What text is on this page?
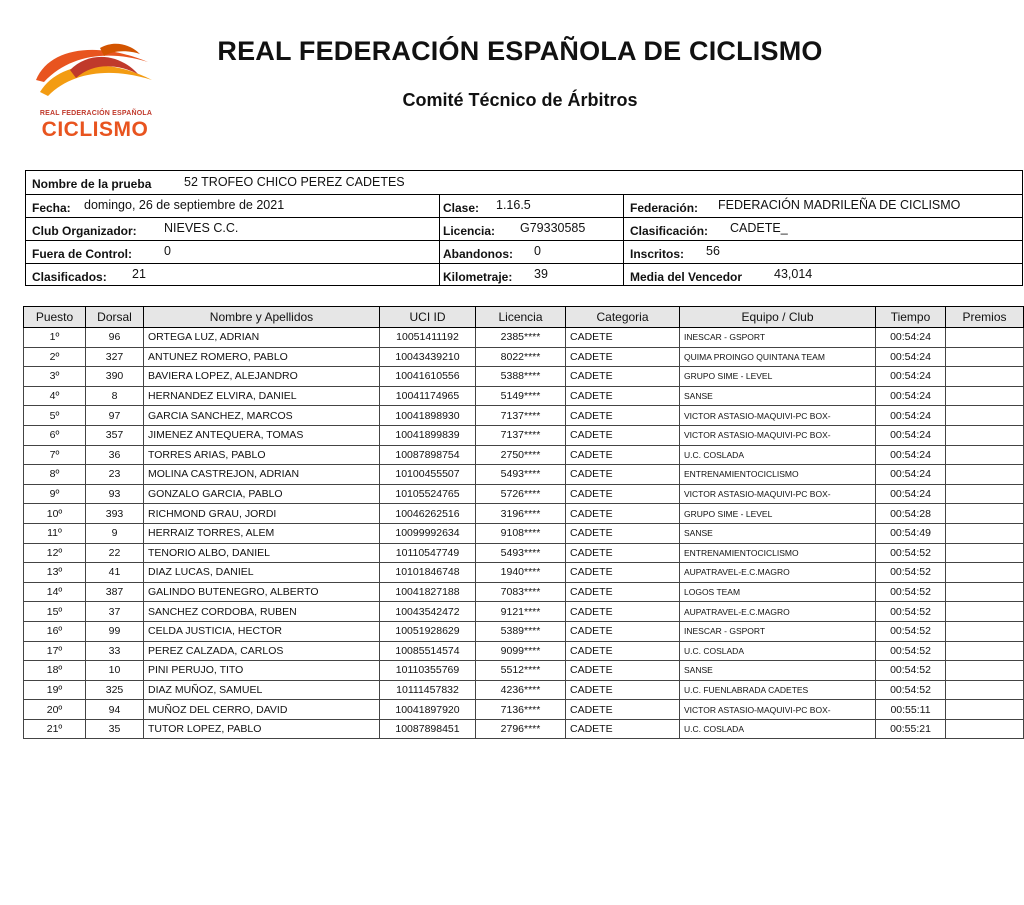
REAL FEDERACIÓN ESPAÑOLA
CICLISMO
REAL FEDERACIÓN ESPAÑOLA DE CICLISMO
Comité Técnico de Árbitros
Nombre de la prueba	52 TROFEO CHICO PEREZ CADETES
Fecha: domingo, 26 de septiembre de 2021	Clase: 1.16.5	Federación: FEDERACIÓN MADRILEÑA DE CICLISMO
Club Organizador: NIEVES C.C.	Licencia: G79330585	Clasificación: CADETE_
Fuera de Control:	0	Abandonos: 0	Inscritos: 56
Clasificados: 21	Kilometraje: 39	Media del Vencedor	43,014
Puesto	Dorsal	Nombre y Apellidos	UCI ID	Licencia	Categoria	Equipo / Club	Tiempo	Premios
1º	96	ORTEGA LUZ, ADRIAN	10051411192	2385****	CADETE	INESCAR - GSPORT	00:54:24	
2º	327	ANTUNEZ ROMERO, PABLO	10043439210	8022****	CADETE	QUIMA PROINGO QUINTANA TEAM	00:54:24	
3º	390	BAVIERA LOPEZ, ALEJANDRO	10041610556	5388****	CADETE	GRUPO SIME - LEVEL	00:54:24	
4º	8	HERNANDEZ ELVIRA, DANIEL	10041174965	5149****	CADETE	SANSE	00:54:24	
5º	97	GARCIA SANCHEZ, MARCOS	10041898930	7137****	CADETE	VICTOR ASTASIO-MAQUIVI-PC BOX-	00:54:24	
6º	357	JIMENEZ ANTEQUERA, TOMAS	10041899839	7137****	CADETE	VICTOR ASTASIO-MAQUIVI-PC BOX-	00:54:24	
7º	36	TORRES ARIAS, PABLO	10087898754	2750****	CADETE	U.C. COSLADA	00:54:24	
8º	23	MOLINA CASTREJON, ADRIAN	10100455507	5493****	CADETE	ENTRENAMIENTOCICLISMO	00:54:24	
9º	93	GONZALO GARCIA, PABLO	10105524765	5726****	CADETE	VICTOR ASTASIO-MAQUIVI-PC BOX-	00:54:24	
10º	393	RICHMOND GRAU, JORDI	10046262516	3196****	CADETE	GRUPO SIME - LEVEL	00:54:28	
11º	9	HERRAIZ TORRES, ALEM	10099992634	9108****	CADETE	SANSE	00:54:49	
12º	22	TENORIO ALBO, DANIEL	10110547749	5493****	CADETE	ENTRENAMIENTOCICLISMO	00:54:52	
13º	41	DIAZ LUCAS, DANIEL	10101846748	1940****	CADETE	AUPATRAVEL-E.C.MAGRO	00:54:52	
14º	387	GALINDO BUTENEGRO, ALBERTO	10041827188	7083****	CADETE	LOGOS TEAM	00:54:52	
15º	37	SANCHEZ CORDOBA, RUBEN	10043542472	9121****	CADETE	AUPATRAVEL-E.C.MAGRO	00:54:52	
16º	99	CELDA JUSTICIA, HECTOR	10051928629	5389****	CADETE	INESCAR - GSPORT	00:54:52	
17º	33	PEREZ CALZADA, CARLOS	10085514574	9099****	CADETE	U.C. COSLADA	00:54:52	
18º	10	PINI PERUJO, TITO	10110355769	5512****	CADETE	SANSE	00:54:52	
19º	325	DIAZ MUÑOZ, SAMUEL	10111457832	4236****	CADETE	U.C. FUENLABRADA CADETES	00:54:52	
20º	94	MUÑOZ DEL CERRO, DAVID	10041897920	7136****	CADETE	VICTOR ASTASIO-MAQUIVI-PC BOX-	00:55:11	
21º	35	TUTOR LOPEZ, PABLO	10087898451	2796****	CADETE	U.C. COSLADA	00:55:21	
